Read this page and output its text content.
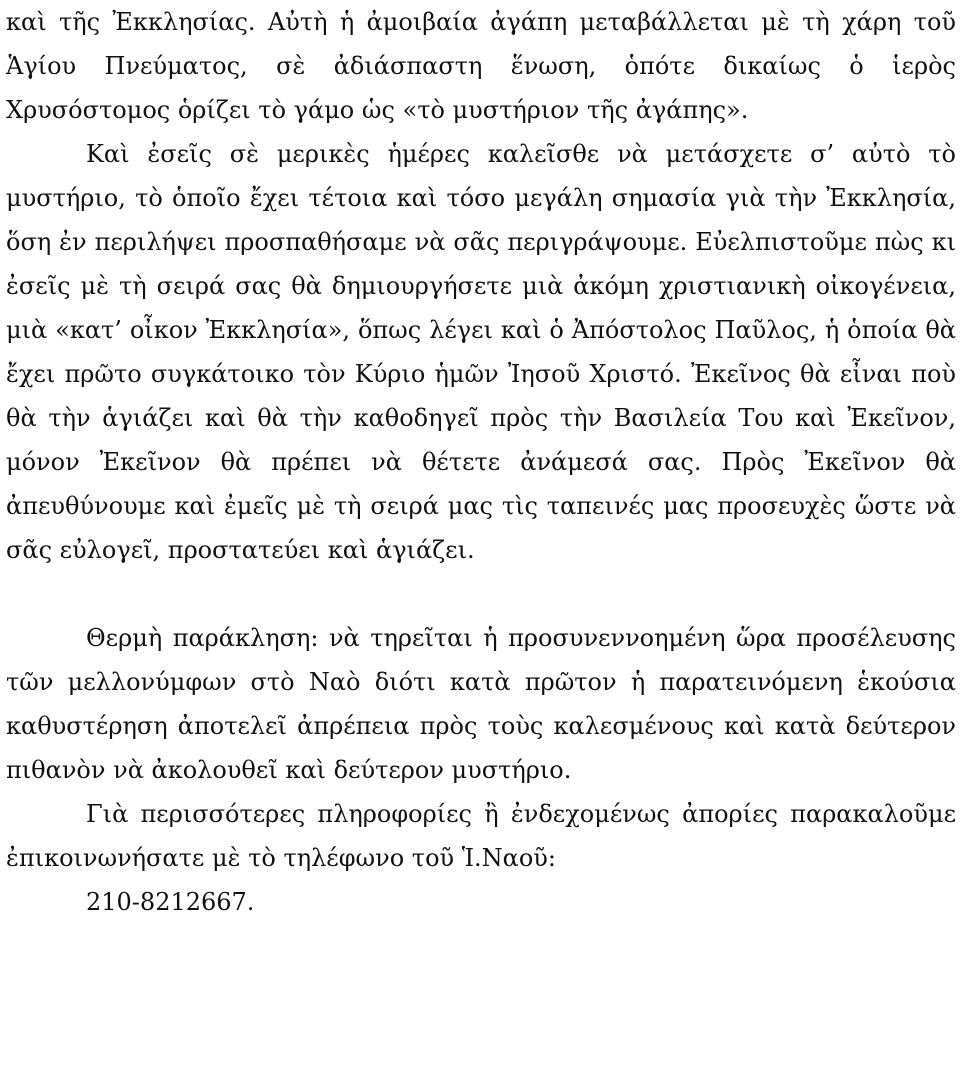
καὶ τῆς Ἐκκλησίας. Αὐτὴ ἡ ἀμοιβαία ἀγάπη μεταβάλλεται μὲ τὴ χάρη τοῦ Ἁγίου Πνεύματος, σὲ ἀδιάσπαστη ἕνωση, ὁπότε δικαίως ὁ ἱερὸς Χρυσόστομος ὁρίζει τὸ γάμο ὡς «τὸ μυστήριον τῆς ἀγάπης».

Καὶ ἐσεῖς σὲ μερικὲς ἡμέρες καλεῖσθε νὰ μετάσχετε σ’ αὐτὸ τὸ μυστήριο, τὸ ὁποῖο ἔχει τέτοια καὶ τόσο μεγάλη σημασία γιὰ τὴν Ἐκκλησία, ὅση ἐν περιλήψει προσπαθήσαμε νὰ σᾶς περιγράψουμε. Εὐελπιστοῦμε πὼς κι ἐσεῖς μὲ τὴ σειρά σας θὰ δημιουργήσετε μιὰ ἀκόμη χριστιανικὴ οἰκογένεια, μιὰ «κατ’ οἶκον Ἐκκλησία», ὅπως λέγει καὶ ὁ Ἀπόστολος Παῦλος, ἡ ὁποία θὰ ἔχει πρῶτο συγκάτοικο τὸν Κύριο ἡμῶν Ἰησοῦ Χριστό. Ἐκεῖνος θὰ εἶναι ποὺ θὰ τὴν ἁγιάζει καὶ θὰ τὴν καθοδηγεῖ πρὸς τὴν Βασιλεία Του καὶ Ἐκεῖνον, μόνον Ἐκεῖνον θὰ πρέπει νὰ θέτετε ἀνάμεσά σας. Πρὸς Ἐκεῖνον θὰ ἀπευθύνουμε καὶ ἐμεῖς μὲ τὴ σειρά μας τὶς ταπεινές μας προσευχὲς ὥστε νὰ σᾶς εὐλογεῖ, προστατεύει καὶ ἁγιάζει.

Θερμὴ παράκληση: νὰ τηρεῖται ἡ προσυνεννοημένη ὥρα προσέλευσης τῶν μελλονύμφων στὸ Ναὸ διότι κατὰ πρῶτον ἡ παρατεινόμενη ἑκούσια καθυστέρηση ἀποτελεῖ ἀπρέπεια πρὸς τοὺς καλεσμένους καὶ κατὰ δεύτερον πιθανὸν νὰ ἀκολουθεῖ καὶ δεύτερον μυστήριο.

Γιὰ περισσότερες πληροφορίες ἢ ἐνδεχομένως ἀπορίες παρακαλοῦμε ἐπικοινωνήσατε μὲ τὸ τηλέφωνο τοῦ Ἱ.Ναοῦ:
210-8212667.
